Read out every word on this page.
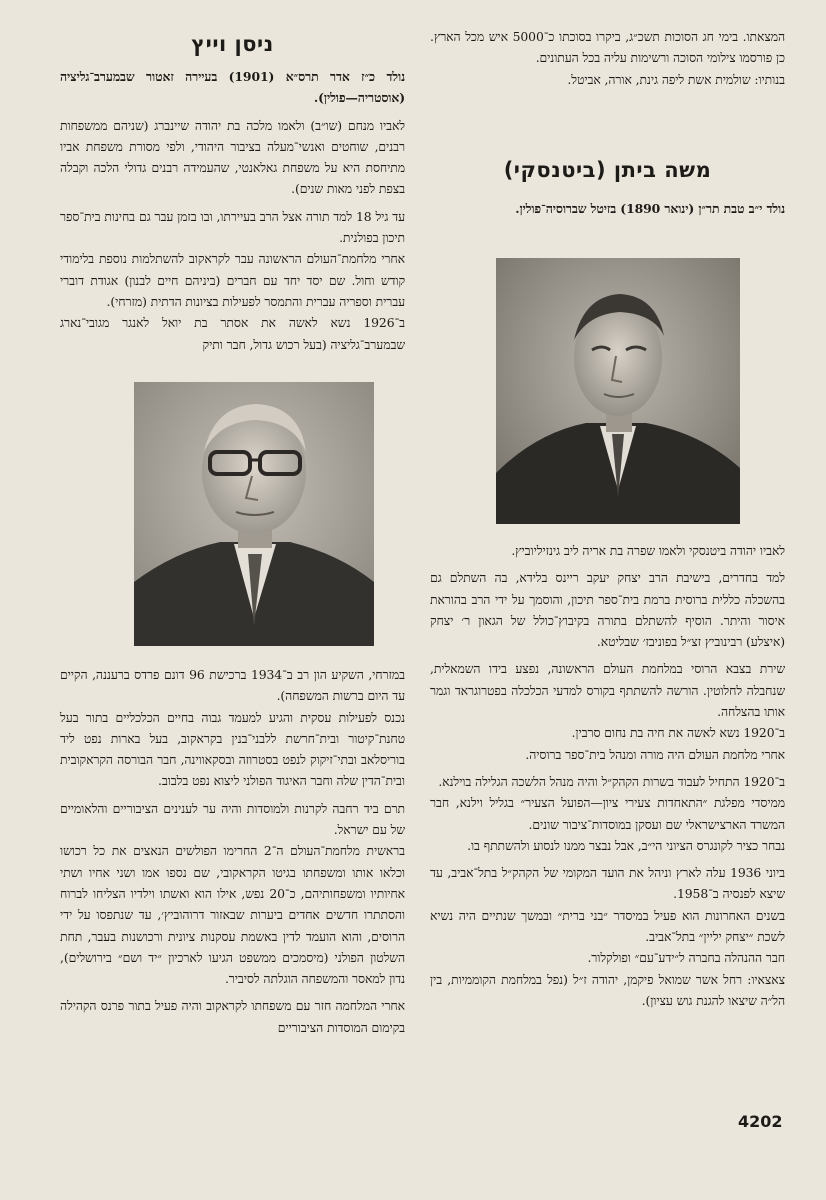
המצאתו. בימי חג הסוכות תשכ״ג, ביקרו בסוכתו כ־5000 איש מכל הארץ. כן פורסמו צילומי הסוכה ורשימות עליה בכל העתונים.

בנותיו: שולמית אשת ליפה גינת, אורה, אביטל.

משה ביתן (ביטנסקי)

נולד י״ב טבת תר״ן (ינואר 1890) בזיטל שברוסיה־פולין.

לאביו יהודה ביטנסקי ולאמו שפרה בת אריה ליב גינזיליוביץ.

למד בחדרים, בישיבת הרב יצחק יעקב ריינס בלידא, בה השתלם גם בהשכלה כללית ברוסית ברמת בית־ספר תיכון, והוסמך על ידי הרב בהוראת איסור והיתר. הוסיף להשתלם בתורה בקיבוץ־כולל של הגאון ר׳ יצחק (איצלע) רבינוביץ זצ״ל בפוניבז׳ שבליטא.

שירת בצבא הרוסי במלחמת העולם הראשונה, נפצע בידו השמאלית, שנחבלה לחלוטין. הורשה להשתתף בקורס למדעי הכלכלה בפטרוגראד וגמר אותו בהצלחה.

ב־1920 נשא לאשה את חיה בת נחום סרבין.

אחרי מלחמת העולם היה מורה ומנהל בית־ספר ברוסיה.

ב־1920 התחיל לעבוד בשרות הקהק״ל והיה מנהל הלשכה הגלילה בוילנא.

ממיסדי מפלגת ״התאחדות צעירי ציון—הפועל הצעיר״ בגליל וילנא, חבר המשרד הארצישראלי שם ועסקן במוסדות־ציבור שונים.

נבחר כציר לקונגרס הציוני הי״ב, אבל נבצר ממנו לנסוע ולהשתתף בו.

ביוני 1936 עלה לארץ וניהל את הועד המקומי של הקהק״ל בתל־אביב, עד שיצא לפנסיה ב־1958.

בשנים האחרונות הוא פעיל במיסדר ״בני ברית״ ובמשך שנתיים היה נשיא לשכת ״יצחק יליין״ בתל־אביב.

חבר ההנהלה בחברה ל״ידע־עם״ ופולקלור.

צאצאיו: רחל אשר שמואל פיקמן, יהודה ז״ל (נפל במלחמת הקוממיות, בין הל״ה שיצאו להגנת גוש עציון).

ניסן וייץ

נולד כ״ז אדר תרס״א (1901) בעיירה זאטור שבמערב־גליציה (אוסטריה—פולין).

לאביו מנחם (שו״ב) ולאמו מלכה בת יהודה שיינברג (שניהם ממשפחות רבנים, שוחטים ואנשי־מעלה בציבור היהודי, ולפי מסורת משפחת אביו מתיחסת היא על משפחת גאלאנטי, שהעמידה רבנים גדולי הלכה וקבלה בצפת לפני מאות שנים).

עד גיל 18 למד תורה אצל הרב בעיירתו, ובו בזמן עבר גם בחינות בית־ספר תיכון בפולנית.

אחרי מלחמת־העולם הראשונה עבר לקראקוב להשתלמות נוספת בלימודי קודש וחול. שם יסד יחד עם חברים (ביניהם חיים לבנון) אגודת דוברי עברית וספריה עברית והתמסר לפעילות בציונות הדתית (מזרחי).

ב־1926 נשא לאשה את אסתר בת יואל לאנגר מגובי־נארג שבמערב־גליציה (בעל רכוש גדול, חבר ותיק

במזרחי, השקיע הון רב ב־1934 ברכישת 96 דונם פרדס ברעננה, הקיים עד היום ברשות המשפחה).

נכנס לפעילות עסקית והגיע למעמד גבוה בחיים הכלכליים בתור בעל טחנת־קיטור ובית־חרשת ללבני־בנין בקראקוב, בעל בארות נפט ליד בוריסלאב ובתי־זיקוק לנפט בסטרוזה ובסקאווינה, חבר הבורסה הקראקובית ובית־הדין שלה וחבר האיגוד הפולני ליצוא נפט בלבוב.

תרם ביד רחבה לקרנות ולמוסדות והיה ער לענינים הציבוריים והלאומיים של עם ישראל.

בראשית מלחמת־העולם ה־2 החרימו הפולשים הנאצים את כל רכושו וכלאו אותו ומשפחתו בגיטו הקראקובי, שם נספו אמו ושני אחיו ושתי אחיותיו ומשפחותיהם, כ־20 נפש, אילו הוא ואשתו וילדיו הצליחו לברוח והסתתרו חדשים אחדים ביערות שבאזור דרוהוביץ׳, עד שנתפסו על ידי הרוסים, והוא הועמד לדין באשמת עסקנות ציונית ורכושנות בעבר, תחת השלטון הפולני (מיסמכים ממשפט הגיעו לארכיון ״יד ושם״ בירושלים), נדון למאסר והמשפחה הוגלתה לסיביר.

אחרי המלחמה חזר עם משפחתו לקראקוב והיה פעיל בתור פרנס הקהילה בקימום המוסדות הציבוריים

4202
